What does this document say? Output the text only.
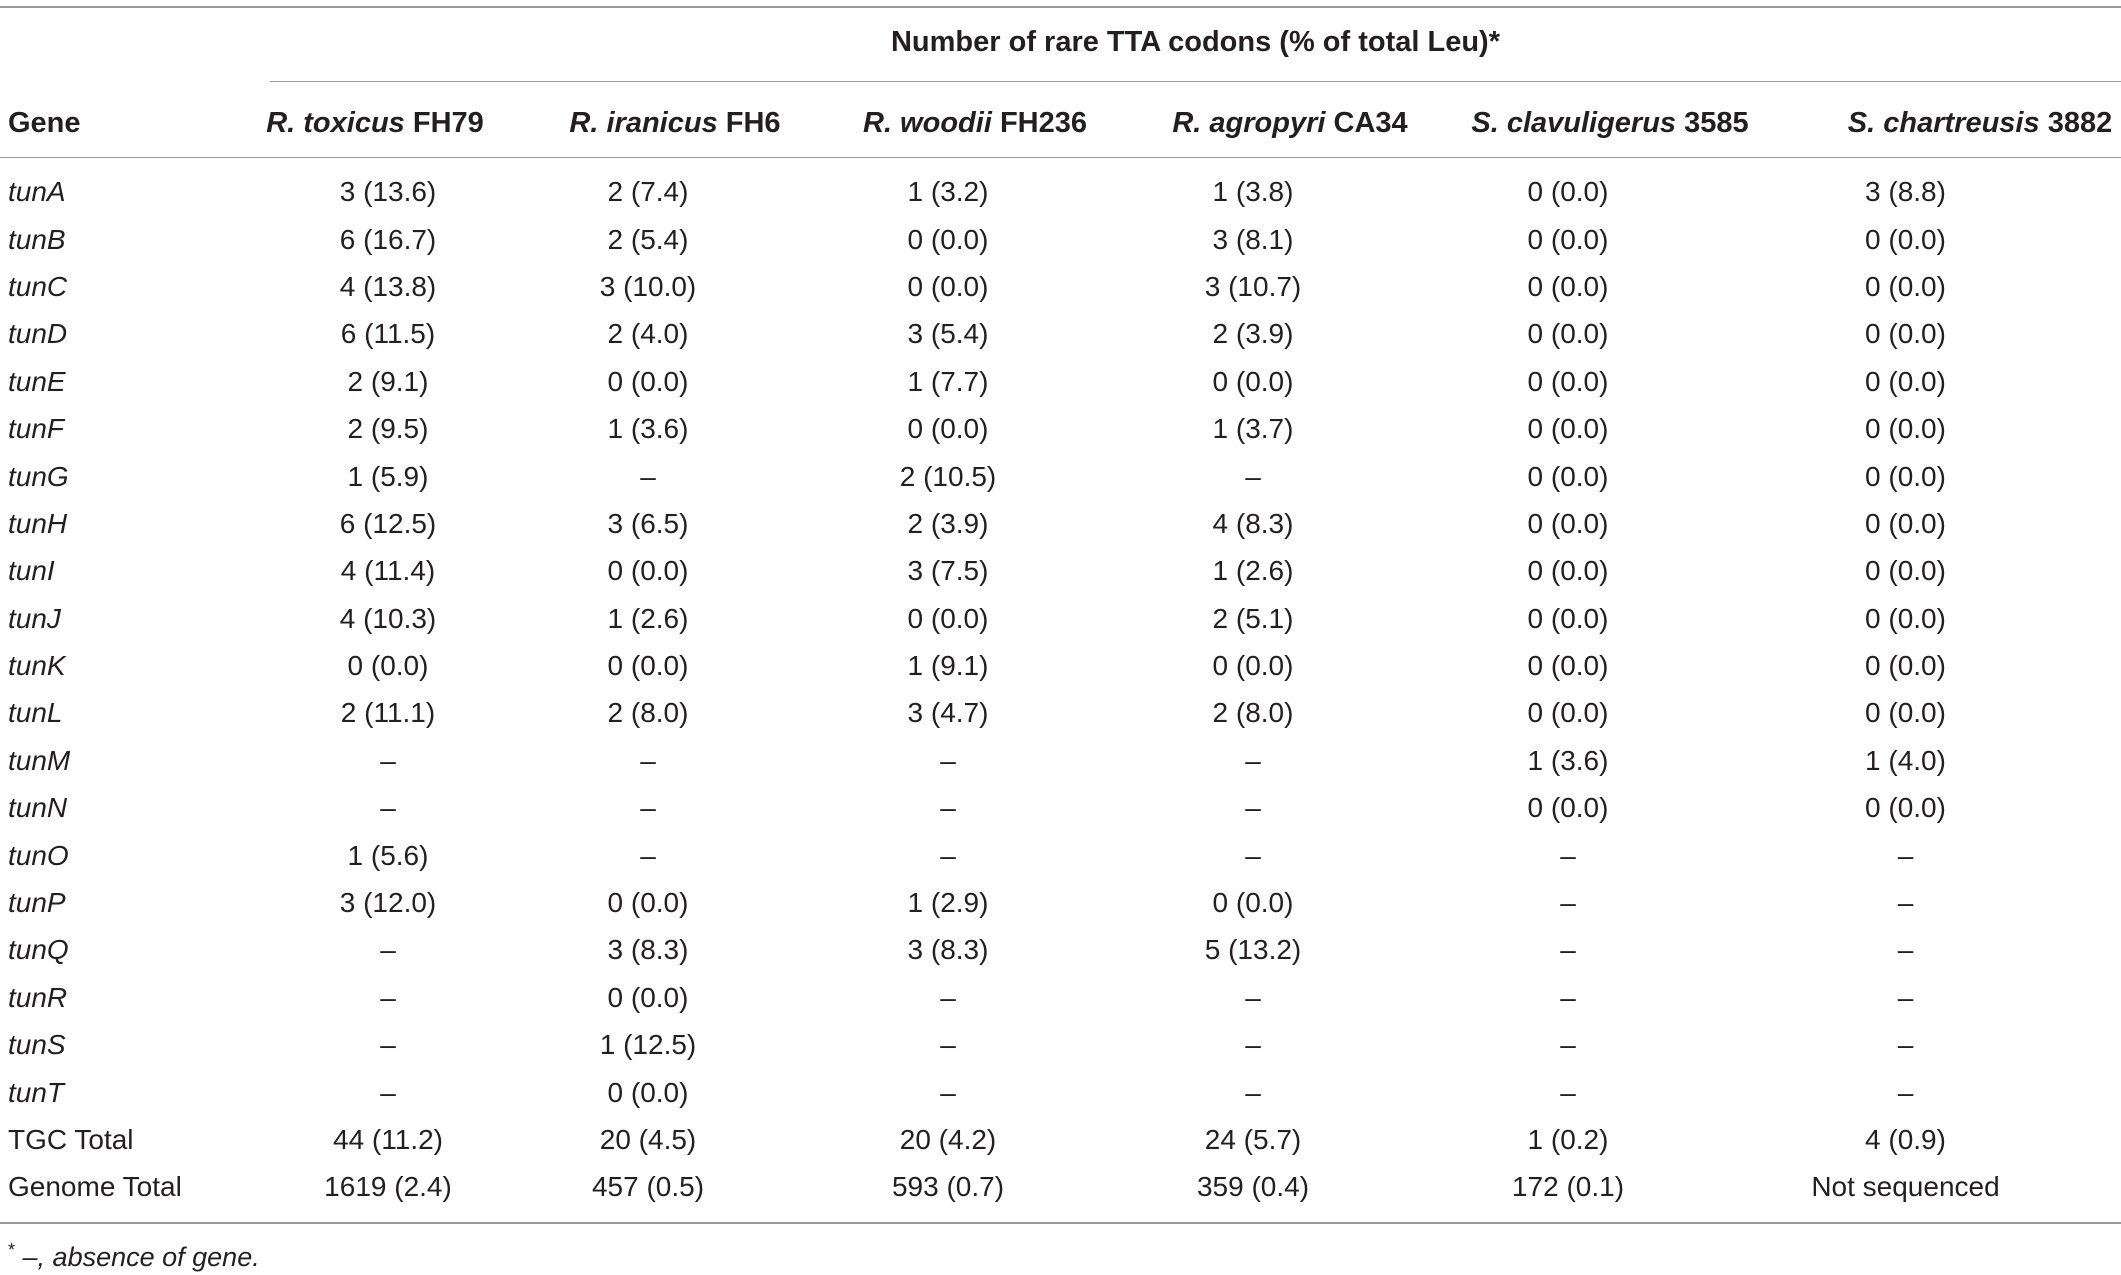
Number of rare TTA codons (% of total Leu)*
Gene	R. toxicus FH79	R. iranicus FH6	R. woodii FH236	R. agropyri CA34	S. clavuligerus 3585	S. chartreusis 3882
tunA	3 (13.6)	2 (7.4)	1 (3.2)	1 (3.8)	0 (0.0)	3 (8.8)
tunB	6 (16.7)	2 (5.4)	0 (0.0)	3 (8.1)	0 (0.0)	0 (0.0)
tunC	4 (13.8)	3 (10.0)	0 (0.0)	3 (10.7)	0 (0.0)	0 (0.0)
tunD	6 (11.5)	2 (4.0)	3 (5.4)	2 (3.9)	0 (0.0)	0 (0.0)
tunE	2 (9.1)	0 (0.0)	1 (7.7)	0 (0.0)	0 (0.0)	0 (0.0)
tunF	2 (9.5)	1 (3.6)	0 (0.0)	1 (3.7)	0 (0.0)	0 (0.0)
tunG	1 (5.9)	–	2 (10.5)	–	0 (0.0)	0 (0.0)
tunH	6 (12.5)	3 (6.5)	2 (3.9)	4 (8.3)	0 (0.0)	0 (0.0)
tunI	4 (11.4)	0 (0.0)	3 (7.5)	1 (2.6)	0 (0.0)	0 (0.0)
tunJ	4 (10.3)	1 (2.6)	0 (0.0)	2 (5.1)	0 (0.0)	0 (0.0)
tunK	0 (0.0)	0 (0.0)	1 (9.1)	0 (0.0)	0 (0.0)	0 (0.0)
tunL	2 (11.1)	2 (8.0)	3 (4.7)	2 (8.0)	0 (0.0)	0 (0.0)
tunM	–	–	–	–	1 (3.6)	1 (4.0)
tunN	–	–	–	–	0 (0.0)	0 (0.0)
tunO	1 (5.6)	–	–	–	–	–
tunP	3 (12.0)	0 (0.0)	1 (2.9)	0 (0.0)	–	–
tunQ	–	3 (8.3)	3 (8.3)	5 (13.2)	–	–
tunR	–	0 (0.0)	–	–	–	–
tunS	–	1 (12.5)	–	–	–	–
tunT	–	0 (0.0)	–	–	–	–
TGC Total	44 (11.2)	20 (4.5)	20 (4.2)	24 (5.7)	1 (0.2)	4 (0.9)
Genome Total	1619 (2.4)	457 (0.5)	593 (0.7)	359 (0.4)	172 (0.1)	Not sequenced
* –, absence of gene.
